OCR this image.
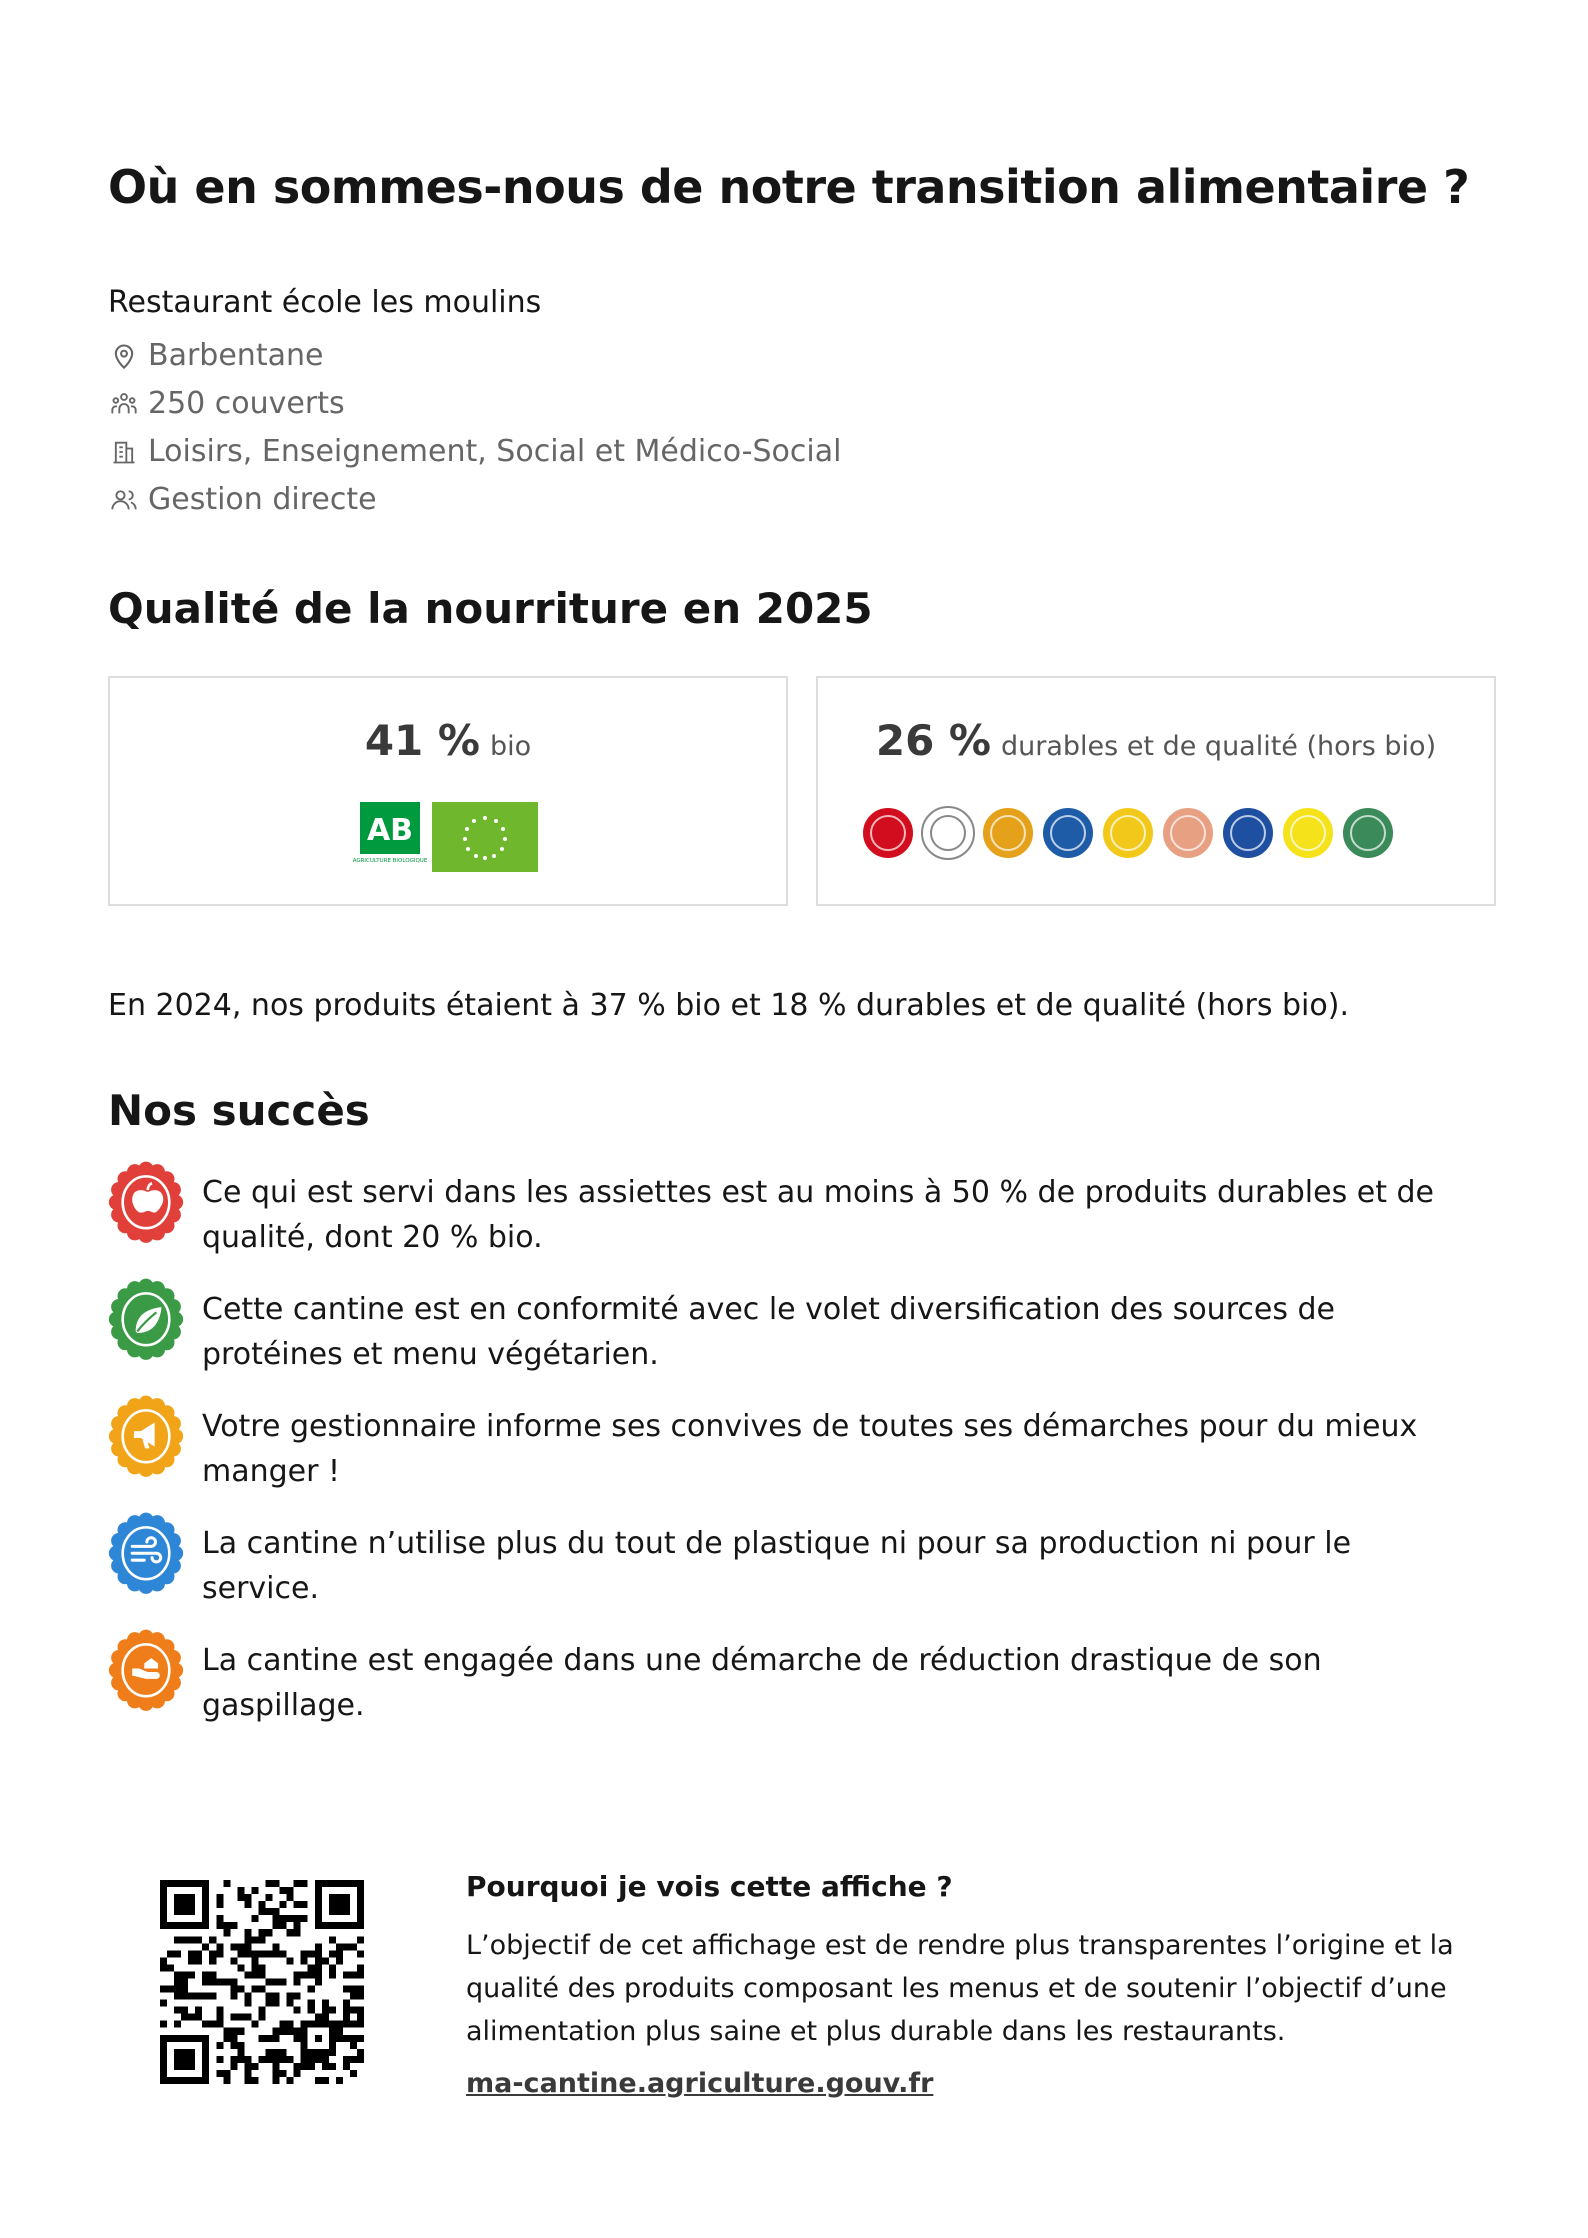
Où en sommes-nous de notre transition alimentaire ?
Restaurant école les moulins
Barbentane
250 couverts
Loisirs, Enseignement, Social et Médico-Social
Gestion directe
Qualité de la nourriture en 2025
41 % bio
AB
AGRICULTURE BIOLOGIQUE
26 % durables et de qualité (hors bio)
En 2024, nos produits étaient à 37 % bio et 18 % durables et de qualité (hors bio).
Nos succès
Ce qui est servi dans les assiettes est au moins à 50 % de produits durables et de qualité, dont 20 % bio.
Cette cantine est en conformité avec le volet diversification des sources de protéines et menu végétarien.
Votre gestionnaire informe ses convives de toutes ses démarches pour du mieux manger !
La cantine n’utilise plus du tout de plastique ni pour sa production ni pour le service.
La cantine est engagée dans une démarche de réduction drastique de son gaspillage.
Pourquoi je vois cette affiche ?
L’objectif de cet affichage est de rendre plus transparentes l’origine et la qualité des produits composant les menus et de soutenir l’objectif d’une alimentation plus saine et plus durable dans les restaurants.
ma-cantine.agriculture.gouv.fr
